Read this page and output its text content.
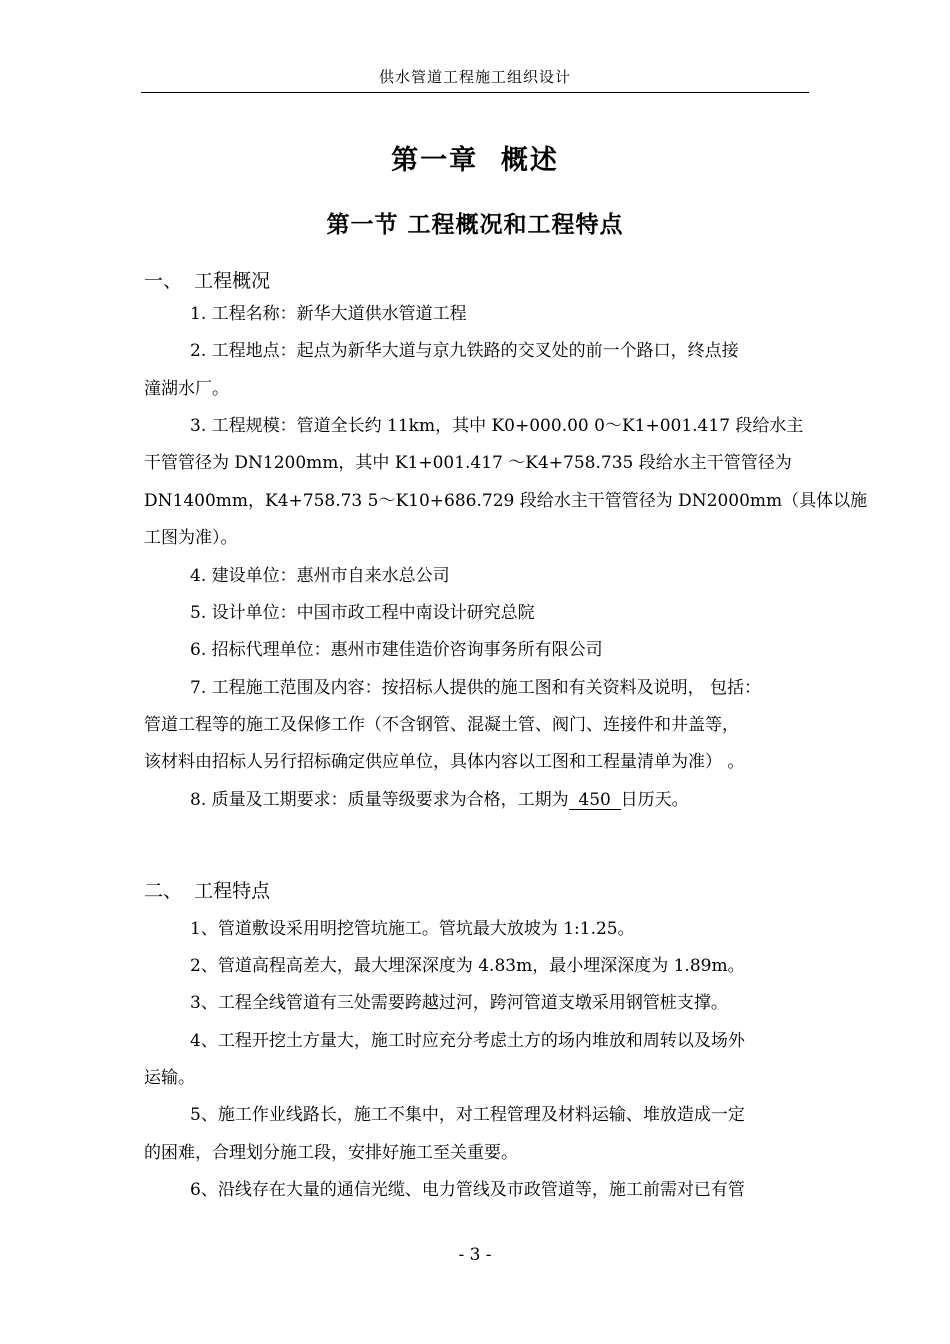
供水管道工程施工组织设计
第一章  概述
第一节 工程概况和工程特点
一、  工程概况
1. 工程名称：新华大道供水管道工程
2. 工程地点：起点为新华大道与京九铁路的交叉处的前一个路口，终点接
潼湖水厂。
3. 工程规模：管道全长约 11km，其中 K0+000.00 0～K1+001.417 段给水主
干管管径为 DN1200mm，其中 K1+001.417 ～K4+758.735 段给水主干管管径为
DN1400mm，K4+758.73 5～K10+686.729 段给水主干管管径为 DN2000mm（具体以施
工图为准）。
4. 建设单位：惠州市自来水总公司
5. 设计单位：中国市政工程中南设计研究总院
6. 招标代理单位：惠州市建佳造价咨询事务所有限公司
7. 工程施工范围及内容：按招标人提供的施工图和有关资料及说明， 包括：
管道工程等的施工及保修工作（不含钢管、混凝土管、阀门、连接件和井盖等，
该材料由招标人另行招标确定供应单位，具体内容以工图和工程量清单为准） 。
8. 质量及工期要求：质量等级要求为合格，工期为 450 日历天。
二、  工程特点
1、管道敷设采用明挖管坑施工。管坑最大放坡为 1:1.25。
2、管道高程高差大，最大埋深深度为 4.83m，最小埋深深度为 1.89m。
3、工程全线管道有三处需要跨越过河，跨河管道支墩采用钢管桩支撑。
4、工程开挖土方量大，施工时应充分考虑土方的场内堆放和周转以及场外
运输。
5、施工作业线路长，施工不集中，对工程管理及材料运输、堆放造成一定
的困难，合理划分施工段，安排好施工至关重要。
6、沿线存在大量的通信光缆、电力管线及市政管道等，施工前需对已有管
- 3 -
